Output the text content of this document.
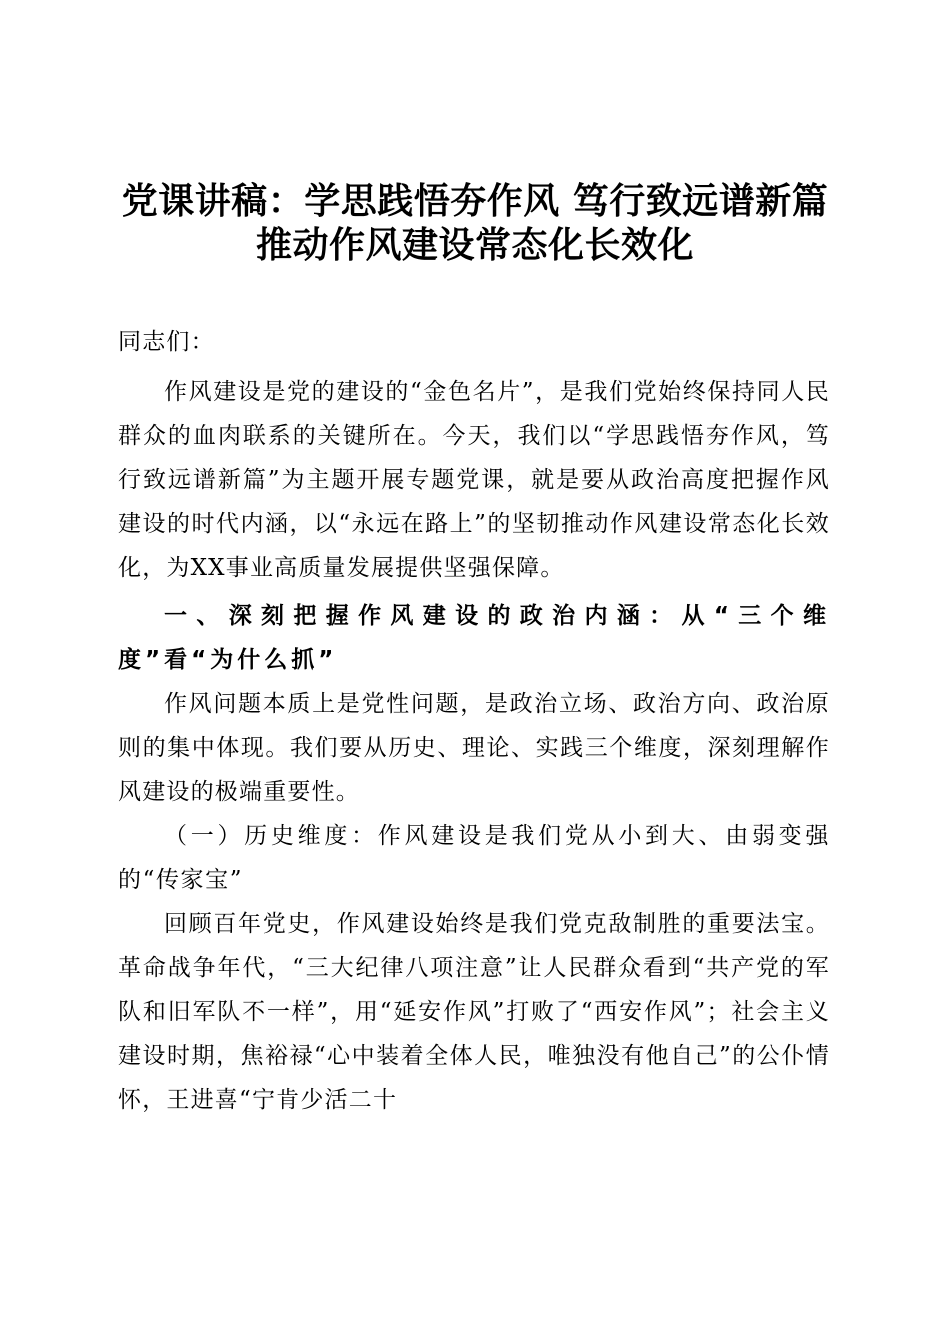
党课讲稿：学思践悟夯作风 笃行致远谱新篇
推动作风建设常态化长效化

同志们：

作风建设是党的建设的“金色名片”，是我们党始终保持同人民群众的血肉联系的关键所在。今天，我们以“学思践悟夯作风，笃行致远谱新篇”为主题开展专题党课，就是要从政治高度把握作风建设的时代内涵，以“永远在路上”的坚韧推动作风建设常态化长效化，为XX事业高质量发展提供坚强保障。

一、深刻把握作风建设的政治内涵：从“三个维度”看“为什么抓”

作风问题本质上是党性问题，是政治立场、政治方向、政治原则的集中体现。我们要从历史、理论、实践三个维度，深刻理解作风建设的极端重要性。

（一）历史维度：作风建设是我们党从小到大、由弱变强的“传家宝”

回顾百年党史，作风建设始终是我们党克敌制胜的重要法宝。革命战争年代，“三大纪律八项注意”让人民群众看到“共产党的军队和旧军队不一样”，用“延安作风”打败了“西安作风”；社会主义建设时期，焦裕禄“心中装着全体人民，唯独没有他自己”的公仆情怀，王进喜“宁肯少活二十
